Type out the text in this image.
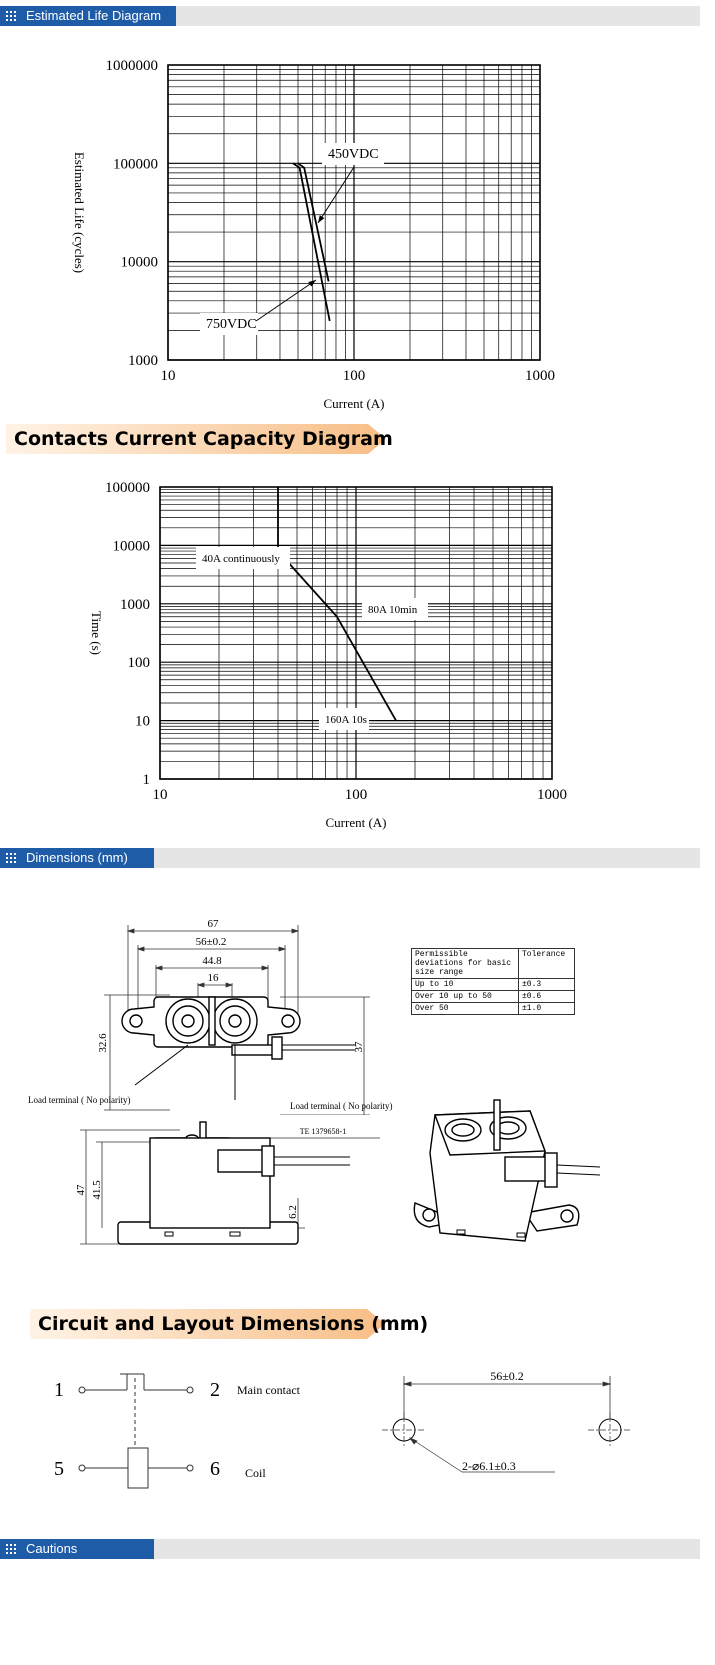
Estimated Life Diagram
10	100	1000
1000
10000
100000
1000000
Current (A)
Estimated Life (cycles)	450VDC
750VDC
Contacts Current Capacity Diagram
10	100	1000
1
10
100
1000
10000
100000
Current (A)
Time (s)
40A continuously
80A 10min
160A 10s
Dimensions (mm)
67
56±0.2
44.8
16
32.6	37
Load terminal ( No polarity)
Load terminal ( No polarity)
Permissible deviations for basic size range	Tolerance
Up to 10	±0.3
Over 10 up to 50	±0.6
Over 50	±1.0
47 41.5
6.2
TE 1379658-1
Circuit and Layout Dimensions (mm)
1	2
5	6
Main contact
Coil
56±0.2
2-⌀6.1±0.3
Cautions
